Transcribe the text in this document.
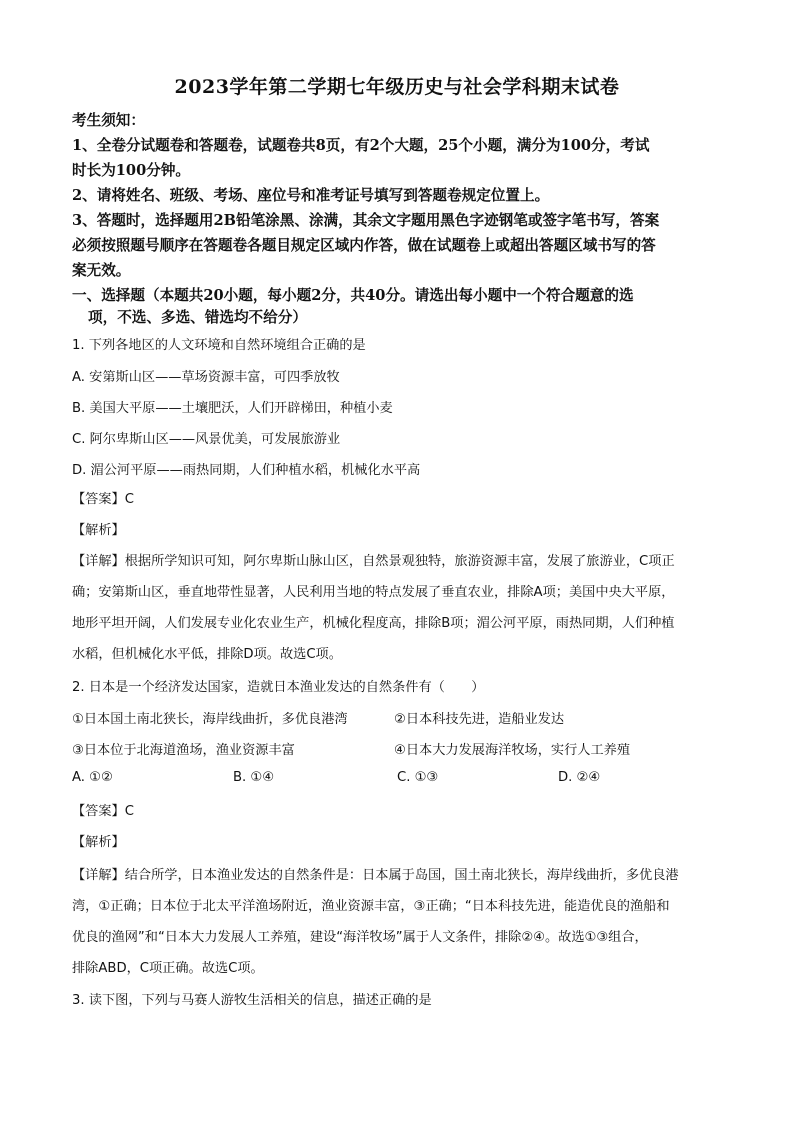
2023学年第二学期七年级历史与社会学科期末试卷
考生须知：
1、全卷分试题卷和答题卷，试题卷共8页，有2个大题，25个小题，满分为100分，考试
时长为100分钟。
2、请将姓名、班级、考场、座位号和准考证号填写到答题卷规定位置上。
3、答题时，选择题用2B铅笔涂黑、涂满，其余文字题用黑色字迹钢笔或签字笔书写，答案
必须按照题号顺序在答题卷各题目规定区域内作答，做在试题卷上或超出答题区域书写的答
案无效。
一、选择题（本题共20小题，每小题2分，共40分。请选出每小题中一个符合题意的选
项，不选、多选、错选均不给分）
1. 下列各地区的人文环境和自然环境组合正确的是
A. 安第斯山区——草场资源丰富，可四季放牧
B. 美国大平原——土壤肥沃，人们开辟梯田，种植小麦
C. 阿尔卑斯山区——风景优美，可发展旅游业
D. 湄公河平原——雨热同期，人们种植水稻，机械化水平高
【答案】C
【解析】
【详解】根据所学知识可知，阿尔卑斯山脉山区，自然景观独特，旅游资源丰富，发展了旅游业，C项正
确；安第斯山区，垂直地带性显著，人民利用当地的特点发展了垂直农业，排除A项；美国中央大平原，
地形平坦开阔，人们发展专业化农业生产，机械化程度高，排除B项；湄公河平原，雨热同期，人们种植
水稻，但机械化水平低，排除D项。故选C项。
2. 日本是一个经济发达国家，造就日本渔业发达的自然条件有（　　）
①日本国土南北狭长，海岸线曲折，多优良港湾	②日本科技先进，造船业发达
③日本位于北海道渔场，渔业资源丰富	④日本大力发展海洋牧场，实行人工养殖
A. ①②	B. ①④	C. ①③	D. ②④
【答案】C
【解析】
【详解】结合所学，日本渔业发达的自然条件是：日本属于岛国，国土南北狭长，海岸线曲折，多优良港
湾，①正确；日本位于北太平洋渔场附近，渔业资源丰富，③正确；“日本科技先进，能造优良的渔船和
优良的渔网”和“日本大力发展人工养殖，建设“海洋牧场”属于人文条件，排除②④。故选①③组合，
排除ABD，C项正确。故选C项。
3. 读下图，下列与马赛人游牧生活相关的信息，描述正确的是
